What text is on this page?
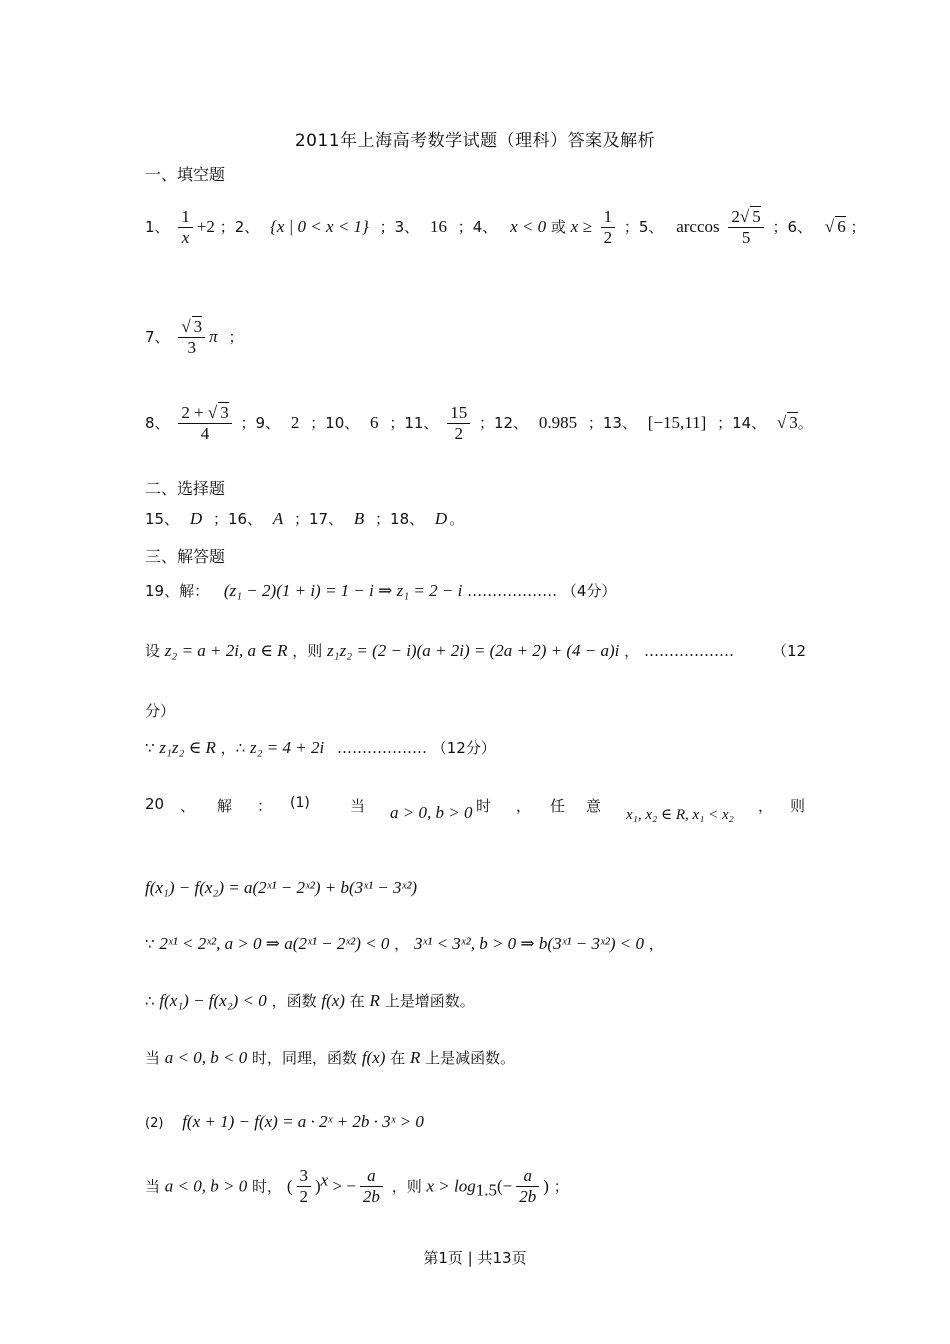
2011年上海高考数学试题（理科）答案及解析
一、填空题
1、 $\frac{1}{x} +2$ ；2、 {x | 0 < x < 1} ；3、 16 ；4、 x < 0 或 $x \ge \frac{1}{2}$ ；5、 $\arccos \frac{2√ 5}{5}$ ；6、 √ 6 ；
7、 $\frac{√ 3}{3}$ π ；
8、 $\frac{2 + √ 3}{4}$ ；9、 2 ；10、 6 ；11、 $\frac{15}{2}$ ；12、 0.985 ；13、 [−15,11] ；14、 √ 3。
二、选择题
15、 D ；16、 A ；17、 B ；18、 D 。
三、解答题
19、解： (z₁ − 2)(1 + i) = 1 − i ⇒ z₁ = 2 − i ……………… （4分）
设 z₂ = a + 2i, a ∈ R ，则 z₁z₂ = (2 − i)(a + 2i) = (2a + 2) + (4 − a)i ， ………………	（12
分）
∵ z₁z₂ ∈ R ，∴ z₂ = 4 + 2i ……………… （12分）
20 、 解 ： (1)	当 a > 0, b > 0 时 ， 任 意 x₁, x₂ ∈ R, x₁ < x₂ ， 则
f(x₁) − f(x₂) = a(2ˣ¹ − 2ˣ²) + b(3ˣ¹ − 3ˣ²)
∵ 2ˣ¹ < 2ˣ², a > 0 ⇒ a(2ˣ¹ − 2ˣ²) < 0 ， 3ˣ¹ < 3ˣ², b > 0 ⇒ b(3ˣ¹ − 3ˣ²) < 0 ，
∴ f(x₁) − f(x₂) < 0 ，函数 f(x) 在 R 上是增函数。
当 a < 0, b < 0 时，同理，函数 f(x) 在 R 上是减函数。
(2) f(x + 1) − f(x) = a · 2ˣ + 2b · 3ˣ > 0
当 a < 0, b > 0 时， ( $\frac{3}{2} )^x$ > − $\frac{a}{2b}$ ，则 $x > \log_{1.5}(- \frac{a}{2b}$ ) ；
第1页 | 共13页
